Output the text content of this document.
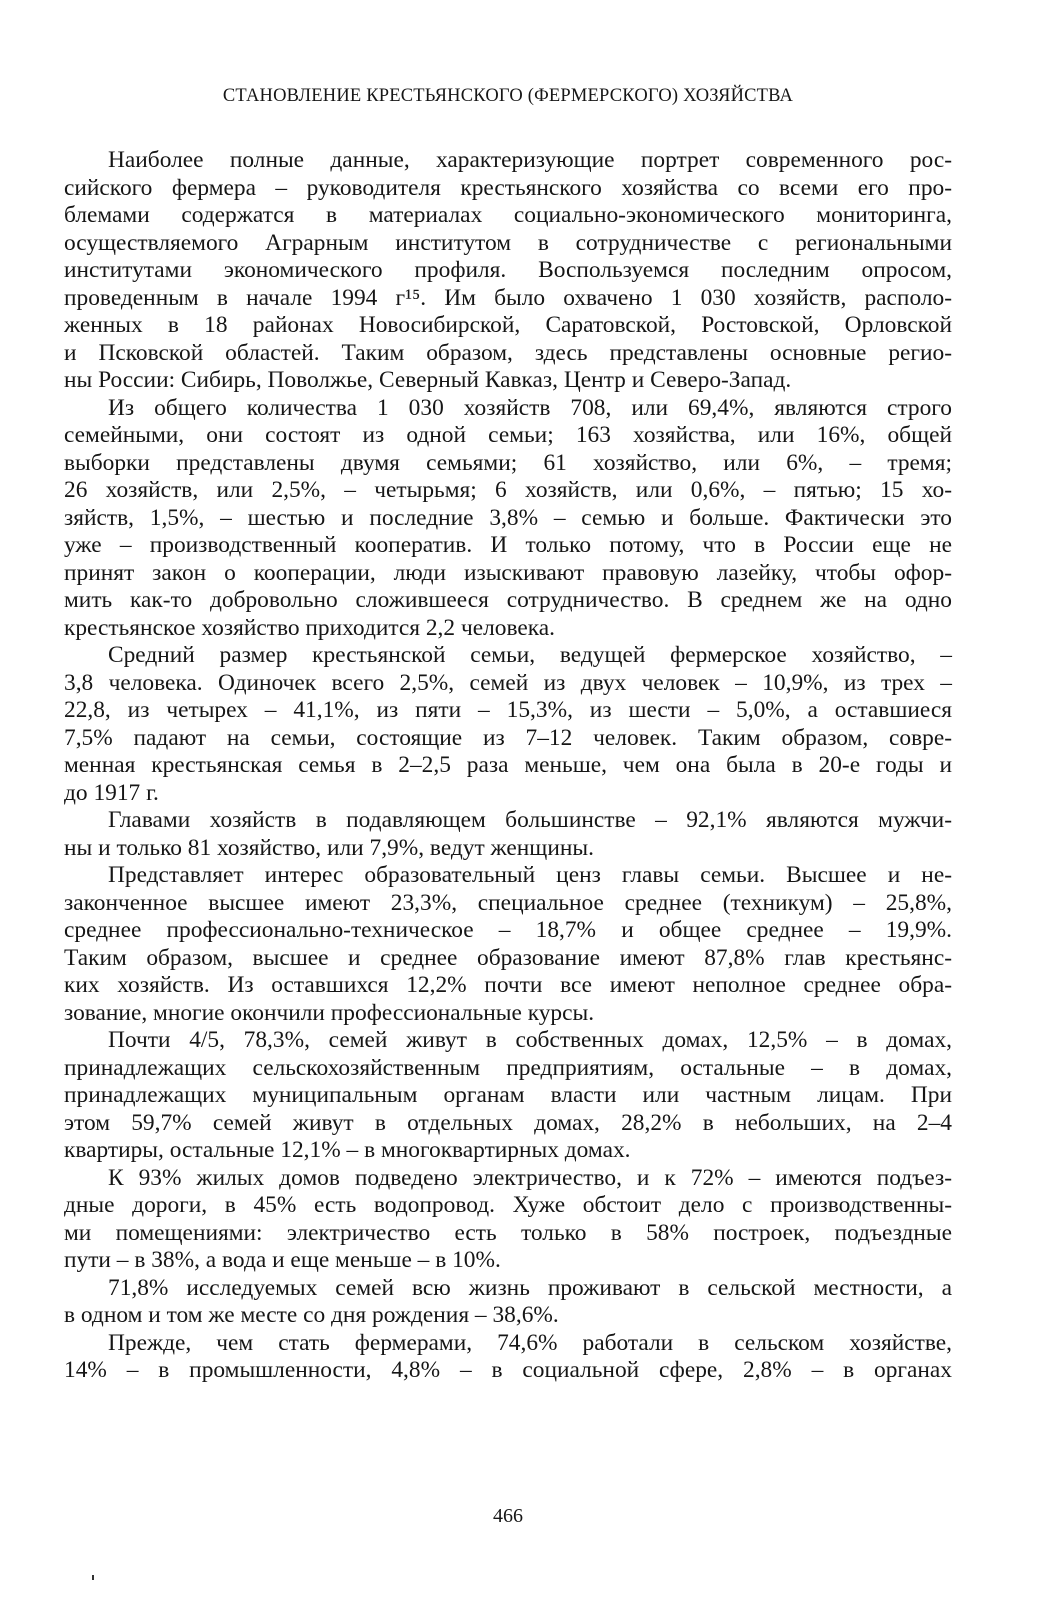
СТАНОВЛЕНИЕ КРЕСТЬЯНСКОГО (ФЕРМЕРСКОГО) ХОЗЯЙСТВА

Наиболее полные данные, характеризующие портрет современного рос-
сийского фермера – руководителя крестьянского хозяйства со всеми его про-
блемами содержатся в материалах социально-экономического мониторинга,
осуществляемого Аграрным институтом в сотрудничестве с региональными
институтами экономического профиля. Воспользуемся последним опросом,
проведенным в начале 1994 г¹⁵. Им было охвачено 1 030 хозяйств, располо-
женных в 18 районах Новосибирской, Саратовской, Ростовской, Орловской
и Псковской областей. Таким образом, здесь представлены основные регио-
ны России: Сибирь, Поволжье, Северный Кавказ, Центр и Северо-Запад.

Из общего количества 1 030 хозяйств 708, или 69,4%, являются строго
семейными, они состоят из одной семьи; 163 хозяйства, или 16%, общей
выборки представлены двумя семьями; 61 хозяйство, или 6%, – тремя;
26 хозяйств, или 2,5%, – четырьмя; 6 хозяйств, или 0,6%, – пятью; 15 хо-
зяйств, 1,5%, – шестью и последние 3,8% – семью и больше. Фактически это
уже – производственный кооператив. И только потому, что в России еще не
принят закон о кооперации, люди изыскивают правовую лазейку, чтобы офор-
мить как-то добровольно сложившееся сотрудничество. В среднем же на одно
крестьянское хозяйство приходится 2,2 человека.

Средний размер крестьянской семьи, ведущей фермерское хозяйство, –
3,8 человека. Одиночек всего 2,5%, семей из двух человек – 10,9%, из трех –
22,8, из четырех – 41,1%, из пяти – 15,3%, из шести – 5,0%, а оставшиеся
7,5% падают на семьи, состоящие из 7–12 человек. Таким образом, совре-
менная крестьянская семья в 2–2,5 раза меньше, чем она была в 20-е годы и
до 1917 г.

Главами хозяйств в подавляющем большинстве – 92,1% являются мужчи-
ны и только 81 хозяйство, или 7,9%, ведут женщины.

Представляет интерес образовательный ценз главы семьи. Высшее и не-
законченное высшее имеют 23,3%, специальное среднее (техникум) – 25,8%,
среднее профессионально-техническое – 18,7% и общее среднее – 19,9%.
Таким образом, высшее и среднее образование имеют 87,8% глав крестьянс-
ких хозяйств. Из оставшихся 12,2% почти все имеют неполное среднее обра-
зование, многие окончили профессиональные курсы.

Почти 4/5, 78,3%, семей живут в собственных домах, 12,5% – в домах,
принадлежащих сельскохозяйственным предприятиям, остальные – в домах,
принадлежащих муниципальным органам власти или частным лицам. При
этом 59,7% семей живут в отдельных домах, 28,2% в небольших, на 2–4
квартиры, остальные 12,1% – в многоквартирных домах.

К 93% жилых домов подведено электричество, и к 72% – имеются подъез-
дные дороги, в 45% есть водопровод. Хуже обстоит дело с производственны-
ми помещениями: электричество есть только в 58% построек, подъездные
пути – в 38%, а вода и еще меньше – в 10%.

71,8% исследуемых семей всю жизнь проживают в сельской местности, а
в одном и том же месте со дня рождения – 38,6%.

Прежде, чем стать фермерами, 74,6% работали в сельском хозяйстве,
14% – в промышленности, 4,8% – в социальной сфере, 2,8% – в органах

466
